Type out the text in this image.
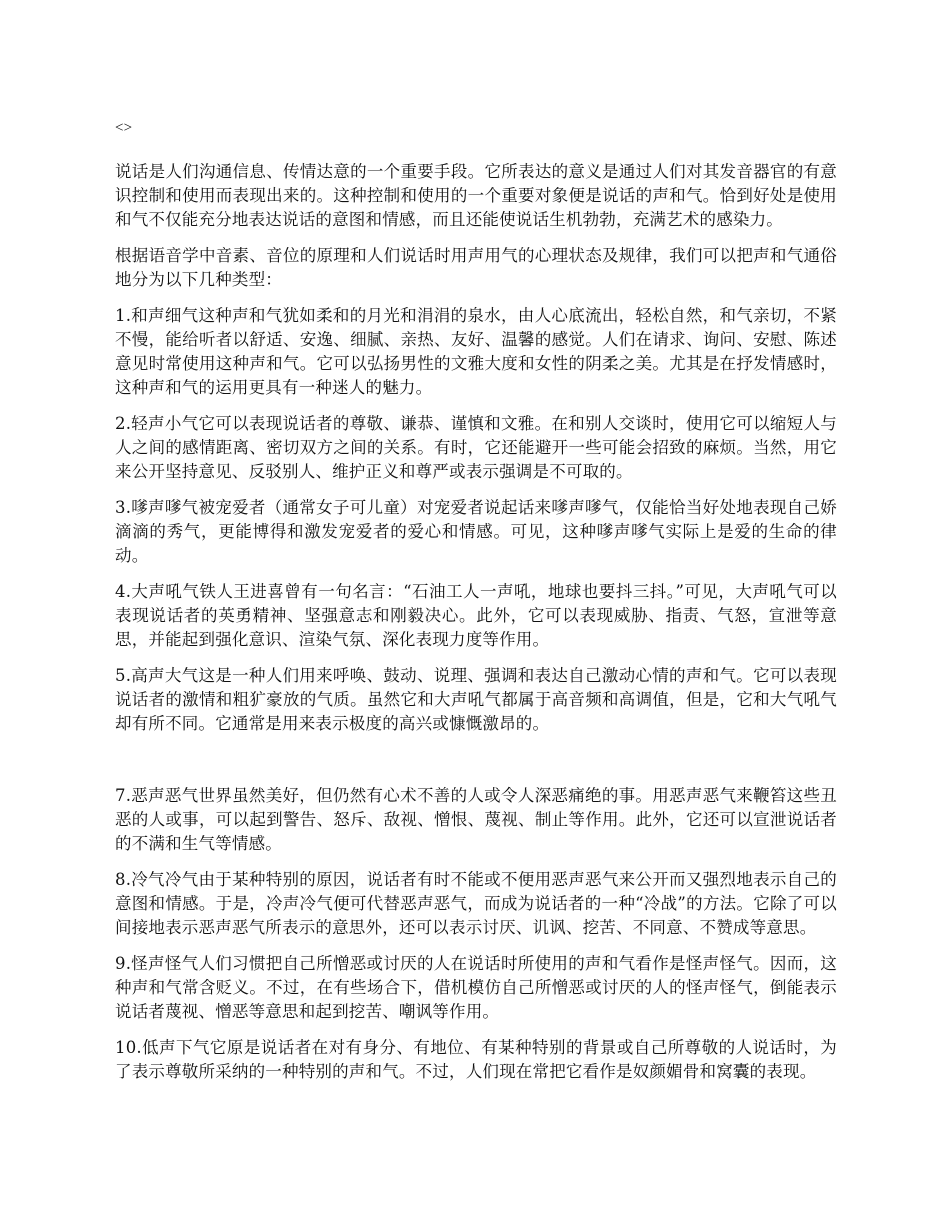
<>

说话是人们沟通信息、传情达意的一个重要手段。它所表达的意义是通过人们对其发音器官的有意识控制和使用而表现出来的。这种控制和使用的一个重要对象便是说话的声和气。恰到好处是使用和气不仅能充分地表达说话的意图和情感，而且还能使说话生机勃勃，充满艺术的感染力。

根据语音学中音素、音位的原理和人们说话时用声用气的心理状态及规律，我们可以把声和气通俗地分为以下几种类型：

1.和声细气这种声和气犹如柔和的月光和涓涓的泉水，由人心底流出，轻松自然，和气亲切，不紧不慢，能给听者以舒适、安逸、细腻、亲热、友好、温馨的感觉。人们在请求、询问、安慰、陈述意见时常使用这种声和气。它可以弘扬男性的文雅大度和女性的阴柔之美。尤其是在抒发情感时，这种声和气的运用更具有一种迷人的魅力。

2.轻声小气它可以表现说话者的尊敬、谦恭、谨慎和文雅。在和别人交谈时，使用它可以缩短人与人之间的感情距离、密切双方之间的关系。有时，它还能避开一些可能会招致的麻烦。当然，用它来公开坚持意见、反驳别人、维护正义和尊严或表示强调是不可取的。

3.嗲声嗲气被宠爱者（通常女子可儿童）对宠爱者说起话来嗲声嗲气，仅能恰当好处地表现自己娇滴滴的秀气，更能博得和激发宠爱者的爱心和情感。可见，这种嗲声嗲气实际上是爱的生命的律动。

4.大声吼气铁人王进喜曾有一句名言：“石油工人一声吼，地球也要抖三抖。”可见，大声吼气可以表现说话者的英勇精神、坚强意志和刚毅决心。此外，它可以表现威胁、指责、气怒，宣泄等意思，并能起到强化意识、渲染气氛、深化表现力度等作用。

5.高声大气这是一种人们用来呼唤、鼓动、说理、强调和表达自己激动心情的声和气。它可以表现说话者的激情和粗犷豪放的气质。虽然它和大声吼气都属于高音频和高调值，但是，它和大气吼气却有所不同。它通常是用来表示极度的高兴或慷慨激昂的。

7.恶声恶气世界虽然美好，但仍然有心术不善的人或令人深恶痛绝的事。用恶声恶气来鞭笞这些丑恶的人或事，可以起到警告、怒斥、敌视、憎恨、蔑视、制止等作用。此外，它还可以宣泄说话者的不满和生气等情感。

8.冷气冷气由于某种特别的原因，说话者有时不能或不便用恶声恶气来公开而又强烈地表示自己的意图和情感。于是，冷声冷气便可代替恶声恶气，而成为说话者的一种“冷战”的方法。它除了可以间接地表示恶声恶气所表示的意思外，还可以表示讨厌、讥讽、挖苦、不同意、不赞成等意思。

9.怪声怪气人们习惯把自己所憎恶或讨厌的人在说话时所使用的声和气看作是怪声怪气。因而，这种声和气常含贬义。不过，在有些场合下，借机模仿自己所憎恶或讨厌的人的怪声怪气，倒能表示说话者蔑视、憎恶等意思和起到挖苦、嘲讽等作用。

10.低声下气它原是说话者在对有身分、有地位、有某种特别的背景或自己所尊敬的人说话时，为了表示尊敬所采纳的一种特别的声和气。不过，人们现在常把它看作是奴颜媚骨和窝囊的表现。
